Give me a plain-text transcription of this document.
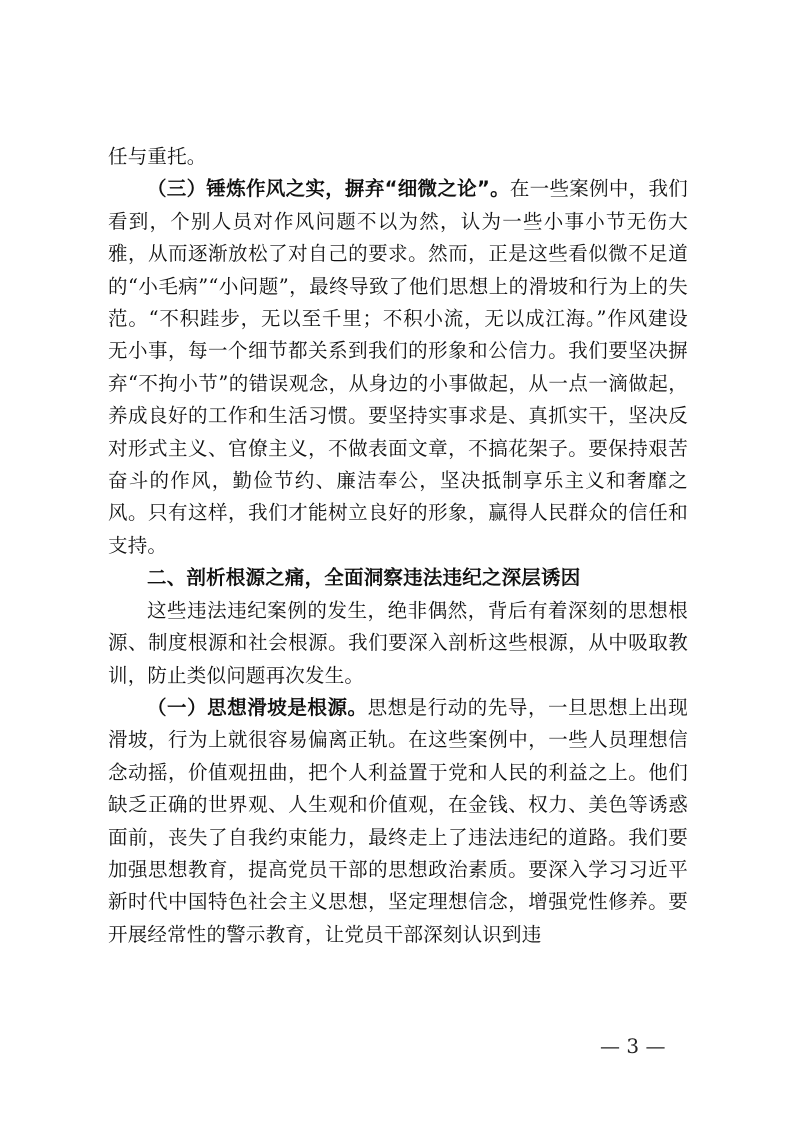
任与重托。

（三）锤炼作风之实，摒弃“细微之论”。在一些案例中，我们看到，个别人员对作风问题不以为然，认为一些小事小节无伤大雅，从而逐渐放松了对自己的要求。然而，正是这些看似微不足道的“小毛病”“小问题”，最终导致了他们思想上的滑坡和行为上的失范。“不积跬步，无以至千里；不积小流，无以成江海。”作风建设无小事，每一个细节都关系到我们的形象和公信力。我们要坚决摒弃“不拘小节”的错误观念，从身边的小事做起，从一点一滴做起，养成良好的工作和生活习惯。要坚持实事求是、真抓实干，坚决反对形式主义、官僚主义，不做表面文章，不搞花架子。要保持艰苦奋斗的作风，勤俭节约、廉洁奉公，坚决抵制享乐主义和奢靡之风。只有这样，我们才能树立良好的形象，赢得人民群众的信任和支持。

二、剖析根源之痛，全面洞察违法违纪之深层诱因

这些违法违纪案例的发生，绝非偶然，背后有着深刻的思想根源、制度根源和社会根源。我们要深入剖析这些根源，从中吸取教训，防止类似问题再次发生。

（一）思想滑坡是根源。思想是行动的先导，一旦思想上出现滑坡，行为上就很容易偏离正轨。在这些案例中，一些人员理想信念动摇，价值观扭曲，把个人利益置于党和人民的利益之上。他们缺乏正确的世界观、人生观和价值观，在金钱、权力、美色等诱惑面前，丧失了自我约束能力，最终走上了违法违纪的道路。我们要加强思想教育，提高党员干部的思想政治素质。要深入学习习近平新时代中国特色社会主义思想，坚定理想信念，增强党性修养。要开展经常性的警示教育，让党员干部深刻认识到违

— 3 —
